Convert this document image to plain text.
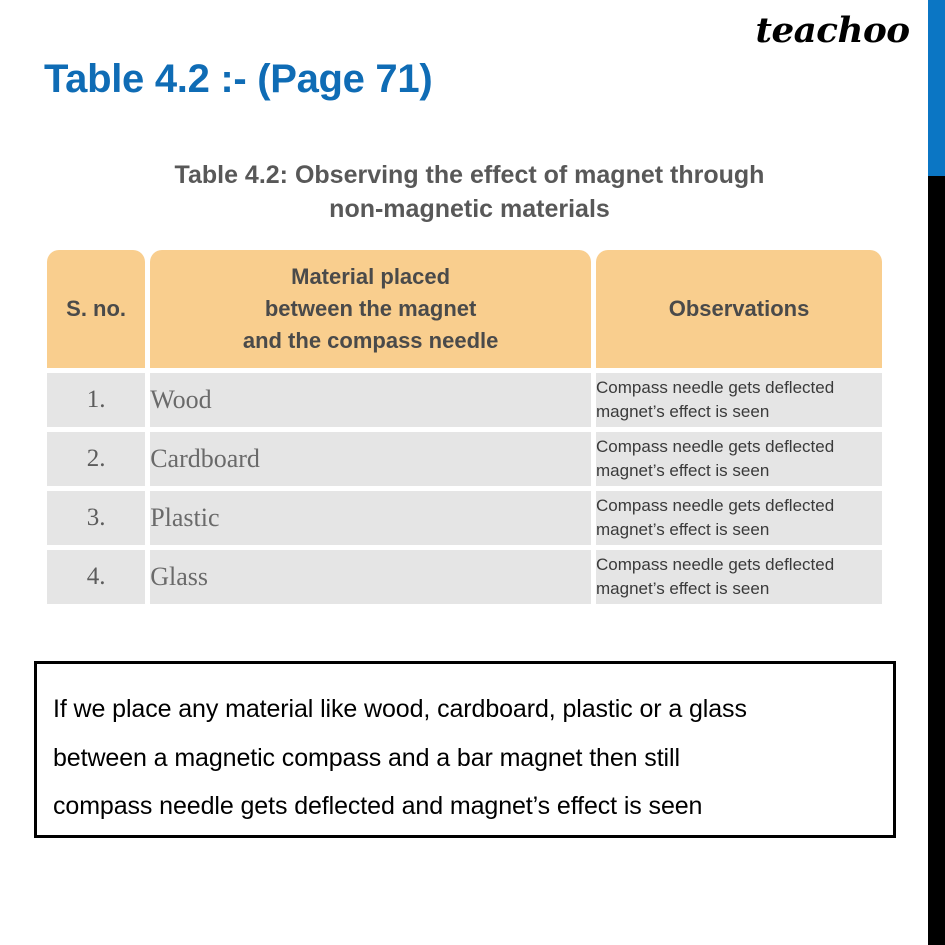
teachoo
Table 4.2 :- (Page 71)
Table 4.2: Observing the effect of magnet through
non-magnetic materials
S. no.	Material placed
between the magnet
and the compass needle	Observations
1.	Wood	Compass needle gets deflected
magnet’s effect is seen

2.	Cardboard	Compass needle gets deflected
magnet’s effect is seen

3.	Plastic	Compass needle gets deflected
magnet’s effect is seen

4.	Glass	Compass needle gets deflected
magnet’s effect is seen
If we place any material like wood, cardboard, plastic or a glass
between a magnetic compass and a bar magnet then still
compass needle gets deflected and magnet’s effect is seen
